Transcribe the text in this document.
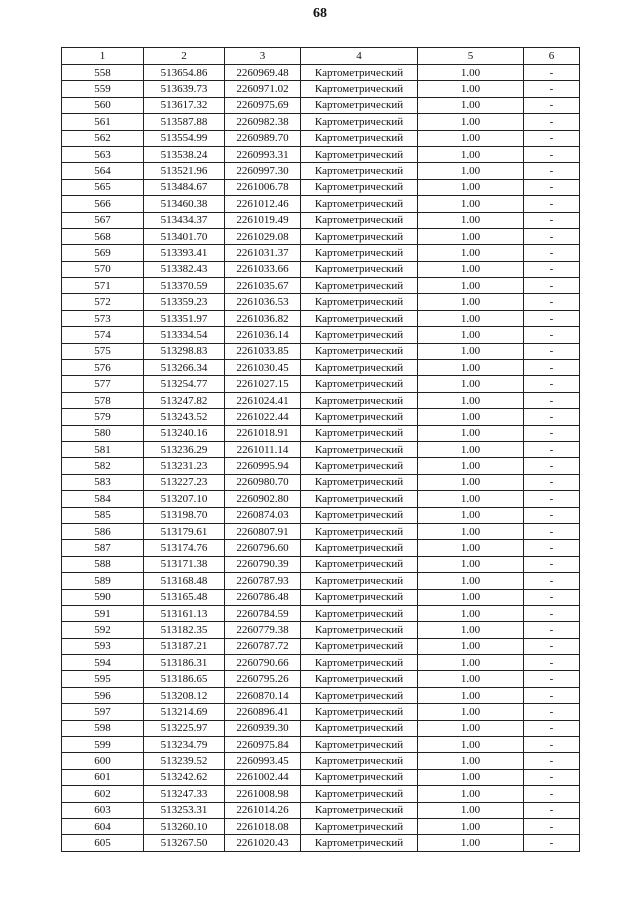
68
1	2	3	4	5	6
558	513654.86	2260969.48	Картометрический	1.00	-
559	513639.73	2260971.02	Картометрический	1.00	-
560	513617.32	2260975.69	Картометрический	1.00	-
561	513587.88	2260982.38	Картометрический	1.00	-
562	513554.99	2260989.70	Картометрический	1.00	-
563	513538.24	2260993.31	Картометрический	1.00	-
564	513521.96	2260997.30	Картометрический	1.00	-
565	513484.67	2261006.78	Картометрический	1.00	-
566	513460.38	2261012.46	Картометрический	1.00	-
567	513434.37	2261019.49	Картометрический	1.00	-
568	513401.70	2261029.08	Картометрический	1.00	-
569	513393.41	2261031.37	Картометрический	1.00	-
570	513382.43	2261033.66	Картометрический	1.00	-
571	513370.59	2261035.67	Картометрический	1.00	-
572	513359.23	2261036.53	Картометрический	1.00	-
573	513351.97	2261036.82	Картометрический	1.00	-
574	513334.54	2261036.14	Картометрический	1.00	-
575	513298.83	2261033.85	Картометрический	1.00	-
576	513266.34	2261030.45	Картометрический	1.00	-
577	513254.77	2261027.15	Картометрический	1.00	-
578	513247.82	2261024.41	Картометрический	1.00	-
579	513243.52	2261022.44	Картометрический	1.00	-
580	513240.16	2261018.91	Картометрический	1.00	-
581	513236.29	2261011.14	Картометрический	1.00	-
582	513231.23	2260995.94	Картометрический	1.00	-
583	513227.23	2260980.70	Картометрический	1.00	-
584	513207.10	2260902.80	Картометрический	1.00	-
585	513198.70	2260874.03	Картометрический	1.00	-
586	513179.61	2260807.91	Картометрический	1.00	-
587	513174.76	2260796.60	Картометрический	1.00	-
588	513171.38	2260790.39	Картометрический	1.00	-
589	513168.48	2260787.93	Картометрический	1.00	-
590	513165.48	2260786.48	Картометрический	1.00	-
591	513161.13	2260784.59	Картометрический	1.00	-
592	513182.35	2260779.38	Картометрический	1.00	-
593	513187.21	2260787.72	Картометрический	1.00	-
594	513186.31	2260790.66	Картометрический	1.00	-
595	513186.65	2260795.26	Картометрический	1.00	-
596	513208.12	2260870.14	Картометрический	1.00	-
597	513214.69	2260896.41	Картометрический	1.00	-
598	513225.97	2260939.30	Картометрический	1.00	-
599	513234.79	2260975.84	Картометрический	1.00	-
600	513239.52	2260993.45	Картометрический	1.00	-
601	513242.62	2261002.44	Картометрический	1.00	-
602	513247.33	2261008.98	Картометрический	1.00	-
603	513253.31	2261014.26	Картометрический	1.00	-
604	513260.10	2261018.08	Картометрический	1.00	-
605	513267.50	2261020.43	Картометрический	1.00	-
